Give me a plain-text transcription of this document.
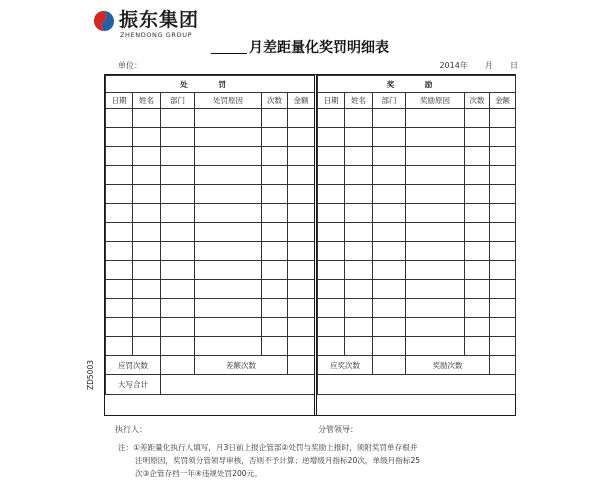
振东集团
ZHENDONG GROUP
月差距量化奖罚明细表
单位：	2014年 月 日
ZD5003
处 罚					
日期	姓名	部门	处罚原因	次数	金额

应罚次数			差额次数		
大写合计					
奖 励					
日期	姓名	部门	奖励原因	次数	金额

应奖次数			奖励次数		

执行人：	分管领导：

注：①差距量化执行人填写，月3日前上报企管部②处罚与奖励上报时，须附奖罚单存根并

注明原因，奖罚须分管领导审核，否则不予计算；逆增级月指标20次，单级月指标25

次③企管存档一年④违规处罚200元。
